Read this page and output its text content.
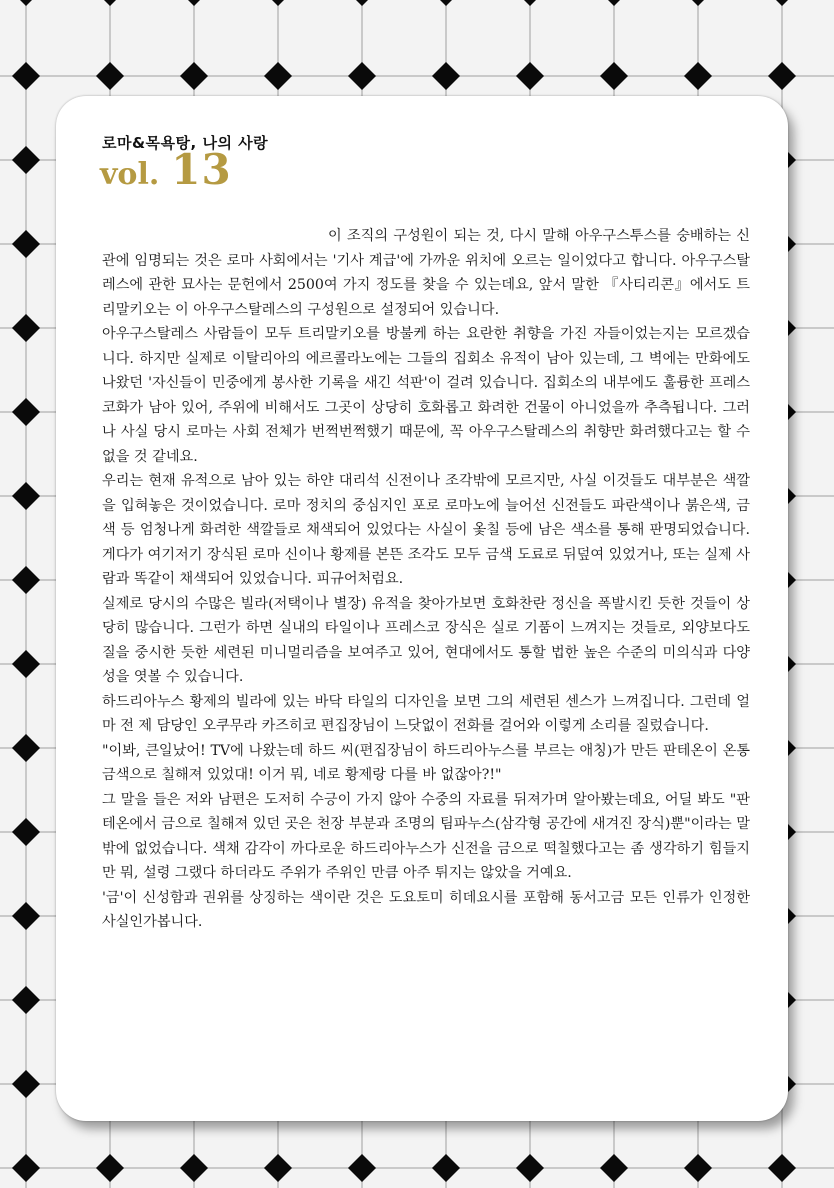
로마&목욕탕, 나의 사랑
vol. 13

이 조직의 구성원이 되는 것, 다시 말해 아우구스투스를 숭배하는 신관에 임명되는 것은 로마 사회에서는 '기사 계급'에 가까운 위치에 오르는 일이었다고 합니다. 아우구스탈레스에 관한 묘사는 문헌에서 2500여 가지 정도를 찾을 수 있는데요, 앞서 말한 『사티리콘』에서도 트리말키오는 이 아우구스탈레스의 구성원으로 설정되어 있습니다.

아우구스탈레스 사람들이 모두 트리말키오를 방불케 하는 요란한 취향을 가진 자들이었는지는 모르겠습니다. 하지만 실제로 이탈리아의 에르콜라노에는 그들의 집회소 유적이 남아 있는데, 그 벽에는 만화에도 나왔던 '자신들이 민중에게 봉사한 기록을 새긴 석판'이 걸려 있습니다. 집회소의 내부에도 훌륭한 프레스코화가 남아 있어, 주위에 비해서도 그곳이 상당히 호화롭고 화려한 건물이 아니었을까 추측됩니다. 그러나 사실 당시 로마는 사회 전체가 번쩍번쩍했기 때문에, 꼭 아우구스탈레스의 취향만 화려했다고는 할 수 없을 것 같네요.

우리는 현재 유적으로 남아 있는 하얀 대리석 신전이나 조각밖에 모르지만, 사실 이것들도 대부분은 색깔을 입혀놓은 것이었습니다. 로마 정치의 중심지인 포로 로마노에 늘어선 신전들도 파란색이나 붉은색, 금색 등 엄청나게 화려한 색깔들로 채색되어 있었다는 사실이 옻칠 등에 남은 색소를 통해 판명되었습니다. 게다가 여기저기 장식된 로마 신이나 황제를 본뜬 조각도 모두 금색 도료로 뒤덮여 있었거나, 또는 실제 사람과 똑같이 채색되어 있었습니다. 피규어처럼요.

실제로 당시의 수많은 빌라(저택이나 별장) 유적을 찾아가보면 호화찬란 정신을 폭발시킨 듯한 것들이 상당히 많습니다. 그런가 하면 실내의 타일이나 프레스코 장식은 실로 기품이 느껴지는 것들로, 외양보다도 질을 중시한 듯한 세련된 미니멀리즘을 보여주고 있어, 현대에서도 통할 법한 높은 수준의 미의식과 다양성을 엿볼 수 있습니다.

하드리아누스 황제의 빌라에 있는 바닥 타일의 디자인을 보면 그의 세련된 센스가 느껴집니다. 그런데 얼마 전 제 담당인 오쿠무라 카즈히코 편집장님이 느닷없이 전화를 걸어와 이렇게 소리를 질렀습니다.

"이봐, 큰일났어! TV에 나왔는데 하드 씨(편집장님이 하드리아누스를 부르는 애칭)가 만든 판테온이 온통 금색으로 칠해져 있었대! 이거 뭐, 네로 황제랑 다를 바 없잖아?!"

그 말을 들은 저와 남편은 도저히 수긍이 가지 않아 수중의 자료를 뒤져가며 알아봤는데요, 어딜 봐도 "판테온에서 금으로 칠해져 있던 곳은 천장 부분과 조명의 팀파누스(삼각형 공간에 새겨진 장식)뿐"이라는 말밖에 없었습니다. 색채 감각이 까다로운 하드리아누스가 신전을 금으로 떡칠했다고는 좀 생각하기 힘들지만 뭐, 설령 그랬다 하더라도 주위가 주위인 만큼 아주 튀지는 않았을 거예요.

'금'이 신성함과 권위를 상징하는 색이란 것은 도요토미 히데요시를 포함해 동서고금 모든 인류가 인정한 사실인가봅니다.
